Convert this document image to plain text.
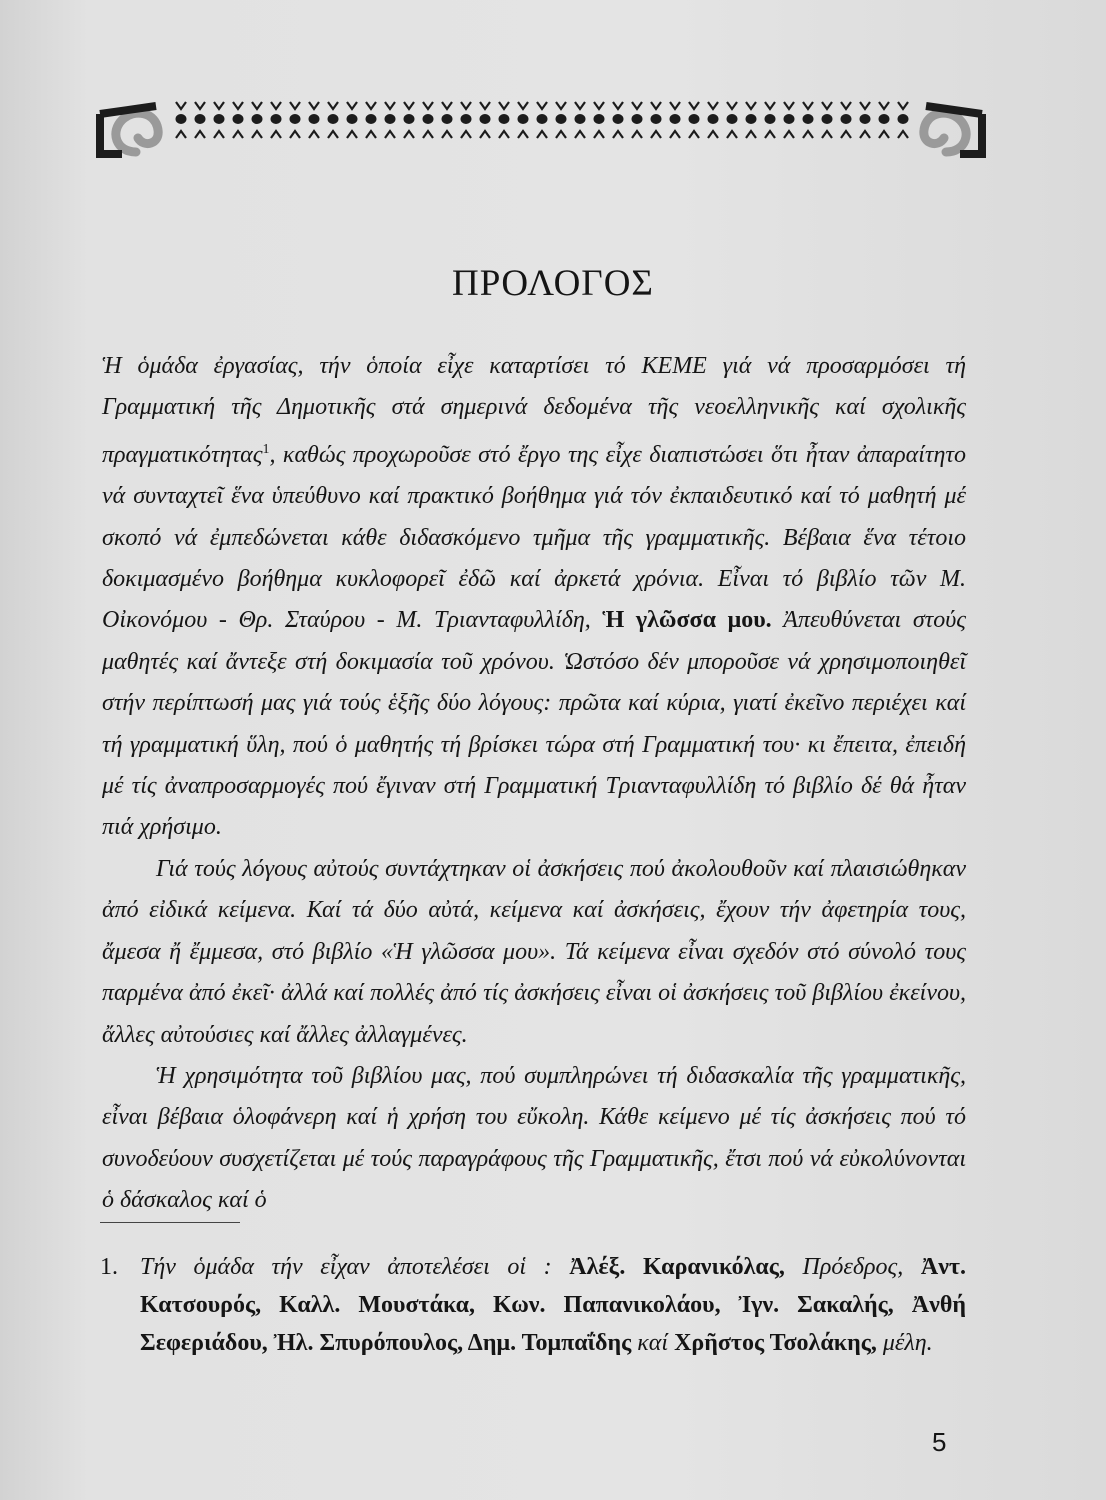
ΠΡΟΛΟΓΟΣ

Ἡ ὁμάδα ἐργασίας, τήν ὁποία εἶχε καταρτίσει τό ΚΕΜΕ γιά νά προσαρμόσει τή Γραμματική τῆς Δημοτικῆς στά σημερινά δεδομένα τῆς νεοελληνικῆς καί σχολικῆς πραγματικότητας$^1$, καθώς προχωροῦσε στό ἔργο της εἶχε διαπιστώσει ὅτι ἦταν ἀπαραίτητο νά συνταχτεῖ ἕνα ὑπεύθυνο καί πρακτικό βοήθημα γιά τόν ἐκπαιδευτικό καί τό μαθητή μέ σκοπό νά ἐμπεδώνεται κάθε διδασκόμενο τμῆμα τῆς γραμματικῆς. Βέβαια ἕνα τέτοιο δοκιμασμένο βοήθημα κυκλοφορεῖ ἐδῶ καί ἀρκετά χρόνια. Εἶναι τό βιβλίο τῶν Μ. Οἰκονόμου - Θρ. Σταύρου - Μ. Τριανταφυλλίδη, Ἡ γλῶσσα μου. Ἀπευθύνεται στούς μαθητές καί ἄντεξε στή δοκιμασία τοῦ χρόνου. Ὡστόσο δέν μποροῦσε νά χρησιμοποιηθεῖ στήν περίπτωσή μας γιά τούς ἑξῆς δύο λόγους: πρῶτα καί κύρια, γιατί ἐκεῖνο περιέχει καί τή γραμματική ὕλη, πού ὁ μαθητής τή βρίσκει τώρα στή Γραμματική του· κι ἔπειτα, ἐπειδή μέ τίς ἀναπροσαρμογές πού ἔγιναν στή Γραμματική Τριανταφυλλίδη τό βιβλίο δέ θά ἦταν πιά χρήσιμο.

Γιά τούς λόγους αὐτούς συντάχτηκαν οἱ ἀσκήσεις πού ἀκολουθοῦν καί πλαισιώθηκαν ἀπό εἰδικά κείμενα. Καί τά δύο αὐτά, κείμενα καί ἀσκήσεις, ἔχουν τήν ἀφετηρία τους, ἄμεσα ἤ ἔμμεσα, στό βιβλίο «Ἡ γλῶσσα μου». Τά κείμενα εἶναι σχεδόν στό σύνολό τους παρμένα ἀπό ἐκεῖ· ἀλλά καί πολλές ἀπό τίς ἀσκήσεις εἶναι οἱ ἀσκήσεις τοῦ βιβλίου ἐκείνου, ἄλλες αὐτούσιες καί ἄλλες ἀλλαγμένες.

Ἡ χρησιμότητα τοῦ βιβλίου μας, πού συμπληρώνει τή διδασκαλία τῆς γραμματικῆς, εἶναι βέβαια ὁλοφάνερη καί ἡ χρήση του εὔκολη. Κάθε κείμενο μέ τίς ἀσκήσεις πού τό συνοδεύουν συσχετίζεται μέ τούς παραγράφους τῆς Γραμματικῆς, ἔτσι πού νά εὐκολύνονται ὁ δάσκαλος καί ὁ

1. Τήν ὁμάδα τήν εἶχαν ἀποτελέσει οἱ : Ἀλέξ. Καρανικόλας, Πρόεδρος, Ἀντ. Κατσουρός, Καλλ. Μουστάκα, Κων. Παπανικολάου, Ἰγν. Σακαλής, Ἀνθή Σεφεριάδου, Ἠλ. Σπυρόπουλος, Δημ. Τομπαΐδης καί Χρῆστος Τσολάκης, μέλη.
5
